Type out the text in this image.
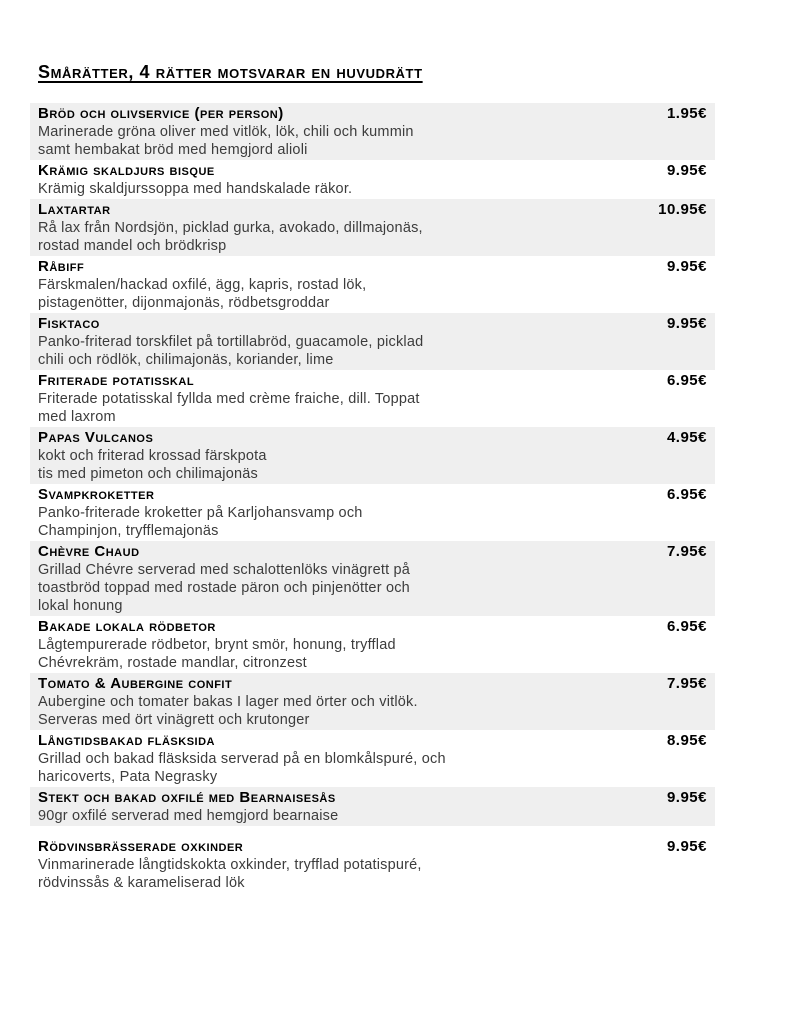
Smårätter, 4 rätter motsvarar en huvudrätt
Bröd och olivservice (per person)	1.95€
Marinerade gröna oliver med vitlök, lök, chili och kummin
samt hembakat bröd med hemgjord alioli
Krämig skaldjurs bisque	9.95€
Krämig skaldjurssoppa med handskalade räkor.
Laxtartar	10.95€
Rå lax från Nordsjön, picklad gurka, avokado, dillmajonäs,
rostad mandel och brödkrisp
Råbiff	9.95€
Färskmalen/hackad oxfilé, ägg, kapris, rostad lök,
pistagenötter, dijonmajonäs, rödbetsgroddar
Fisktaco	9.95€
Panko-friterad torskfilet på tortillabröd, guacamole, picklad
chili och rödlök, chilimajonäs, koriander, lime
Friterade potatisskal	6.95€
Friterade potatisskal fyllda med crème fraiche, dill. Toppat
med laxrom
Papas Vulcanos	4.95€
kokt och friterad krossad färskpota
tis med pimeton och chilimajonäs
Svampkroketter	6.95€
Panko-friterade kroketter på Karljohansvamp och
Champinjon, tryfflemajonäs
Chèvre Chaud	7.95€
Grillad Chévre serverad med schalottenlöks vinägrett på
toastbröd toppad med rostade päron och pinjenötter och
lokal honung
Bakade lokala rödbetor	6.95€
Lågtempurerade rödbetor, brynt smör, honung, tryfflad
Chévrekräm, rostade mandlar, citronzest
Tomato & Aubergine confit	7.95€
Aubergine och tomater bakas I lager med örter och vitlök.
Serveras med ört vinägrett och krutonger
Långtidsbakad fläsksida	8.95€
Grillad och bakad fläsksida serverad på en blomkålspuré, och
haricoverts, Pata Negrasky
Stekt och bakad oxfilé med Bearnaisesås	9.95€
90gr oxfilé serverad med hemgjord bearnaise
Rödvinsbrässerade oxkinder	9.95€
Vinmarinerade långtidskokta oxkinder, tryfflad potatispuré,
rödvinssås & karameliserad lök
